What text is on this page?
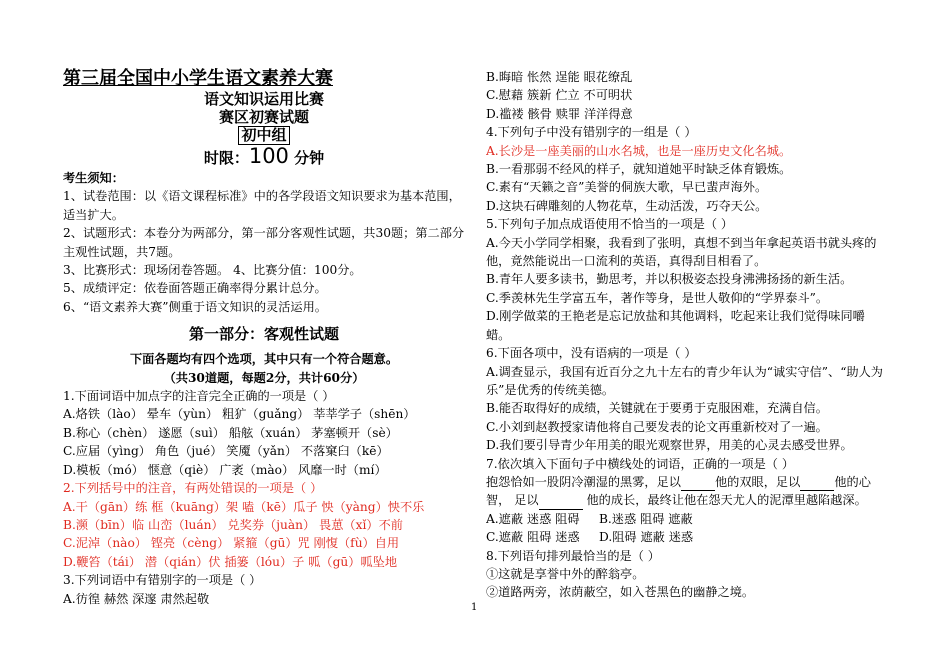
第三届全国中小学生语文素养大赛
语文知识运用比赛
赛区初赛试题
初中组
时限：100 分钟
考生须知：
1、试卷范围：以《语文课程标准》中的各学段语文知识要求为基本范围，适当扩大。
2、试题形式：本卷分为两部分，第一部分客观性试题，共30题；第二部分主观性试题，共7题。
3、比赛形式：现场闭卷答题。 4、比赛分值：100分。
5、成绩评定：依卷面答题正确率得分累计总分。
6、“语文素养大赛”侧重于语文知识的灵活运用。
第一部分：客观性试题
下面各题均有四个选项，其中只有一个符合题意。
（共30道题，每题2分，共计60分）
1.下面词语中加点字的注音完全正确的一项是（ ）
A.烙铁（lào） 晕车（yùn） 粗犷（guǎng） 莘莘学子（shēn）
B.称心（chèn） 遂愿（suì） 船舷（xuán） 茅塞顿开（sè）
C.应届（yìng） 角色（jué） 笑魇（yǎn） 不落窠臼（kē）
D.模板（mó） 惬意（qiè） 广袤（mào） 风靡一时（mí）
2.下列括号中的注音，有两处错误的一项是（ ）
A.干（gān）练 框（kuāng）架 嗑（kē）瓜子 怏（yàng）怏不乐
B.濒（bīn）临 山峦（luán） 兑奖券（juàn） 畏葸（xǐ）不前
C.泥淖（nào） 铿亮（cèng） 紧箍（gū）咒 刚愎（fù）自用
D.鞭笞（tái） 潜（qián）伏 插篓（lóu）子 呱（gū）呱坠地
3.下列词语中有错别字的一项是（ ）
A.彷徨 赫然 深邃 肃然起敬
B.晦暗 怅然 逞能 眼花缭乱
C.慰藉 簇新 伫立 不可明状
D.褴褛 骸骨 赎罪 洋洋得意
4.下列句子中没有错别字的一组是（ ）
A.长沙是一座美丽的山水名城，也是一座历史文化名城。
B.一看那弱不经风的样子，就知道她平时缺乏体育锻炼。
C.素有“天籁之音”美誉的侗族大歌，早已蜚声海外。
D.这块石碑雕刻的人物花草，生动活泼，巧夺天公。
5.下列句子加点成语使用不恰当的一项是（ ）
A.今天小学同学相聚，我看到了张明，真想不到当年拿起英语书就头疼的他，竟然能说出一口流利的英语，真得刮目相看了。
B.青年人要多读书，勤思考，并以积极姿态投身沸沸扬扬的新生活。
C.季羡林先生学富五车，著作等身，是世人敬仰的“学界泰斗”。
D.刚学做菜的王艳老是忘记放盐和其他调料，吃起来让我们觉得味同嚼蜡。
6.下面各项中，没有语病的一项是（ ）
A.调查显示，我国有近百分之九十左右的青少年认为“诚实守信”、“助人为乐”是优秀的传统美德。
B.能否取得好的成绩，关键就在于要勇于克服困难，充满自信。
C.小刘到赵教授家请他将自己要发表的论文再重新校对了一遍。
D.我们要引导青少年用美的眼光观察世界，用美的心灵去感受世界。
7.依次填入下面句子中横线处的词语，正确的一项是（ ）
抱怨恰如一股阴冷潮湿的黑雾，足以	他的双眼，足以	他的心智， 足以	他的成长，最终让他在怨天尤人的泥潭里越陷越深。
A.遮蔽 迷惑 阻碍 B.迷惑 阻碍 遮蔽
C.遮蔽 阻碍 迷惑 D.阻碍 遮蔽 迷惑
8.下列语句排列最恰当的是（ ）
①这就是享誉中外的醉翁亭。
②道路两旁，浓荫蔽空，如入苍黑色的幽静之境。
1
